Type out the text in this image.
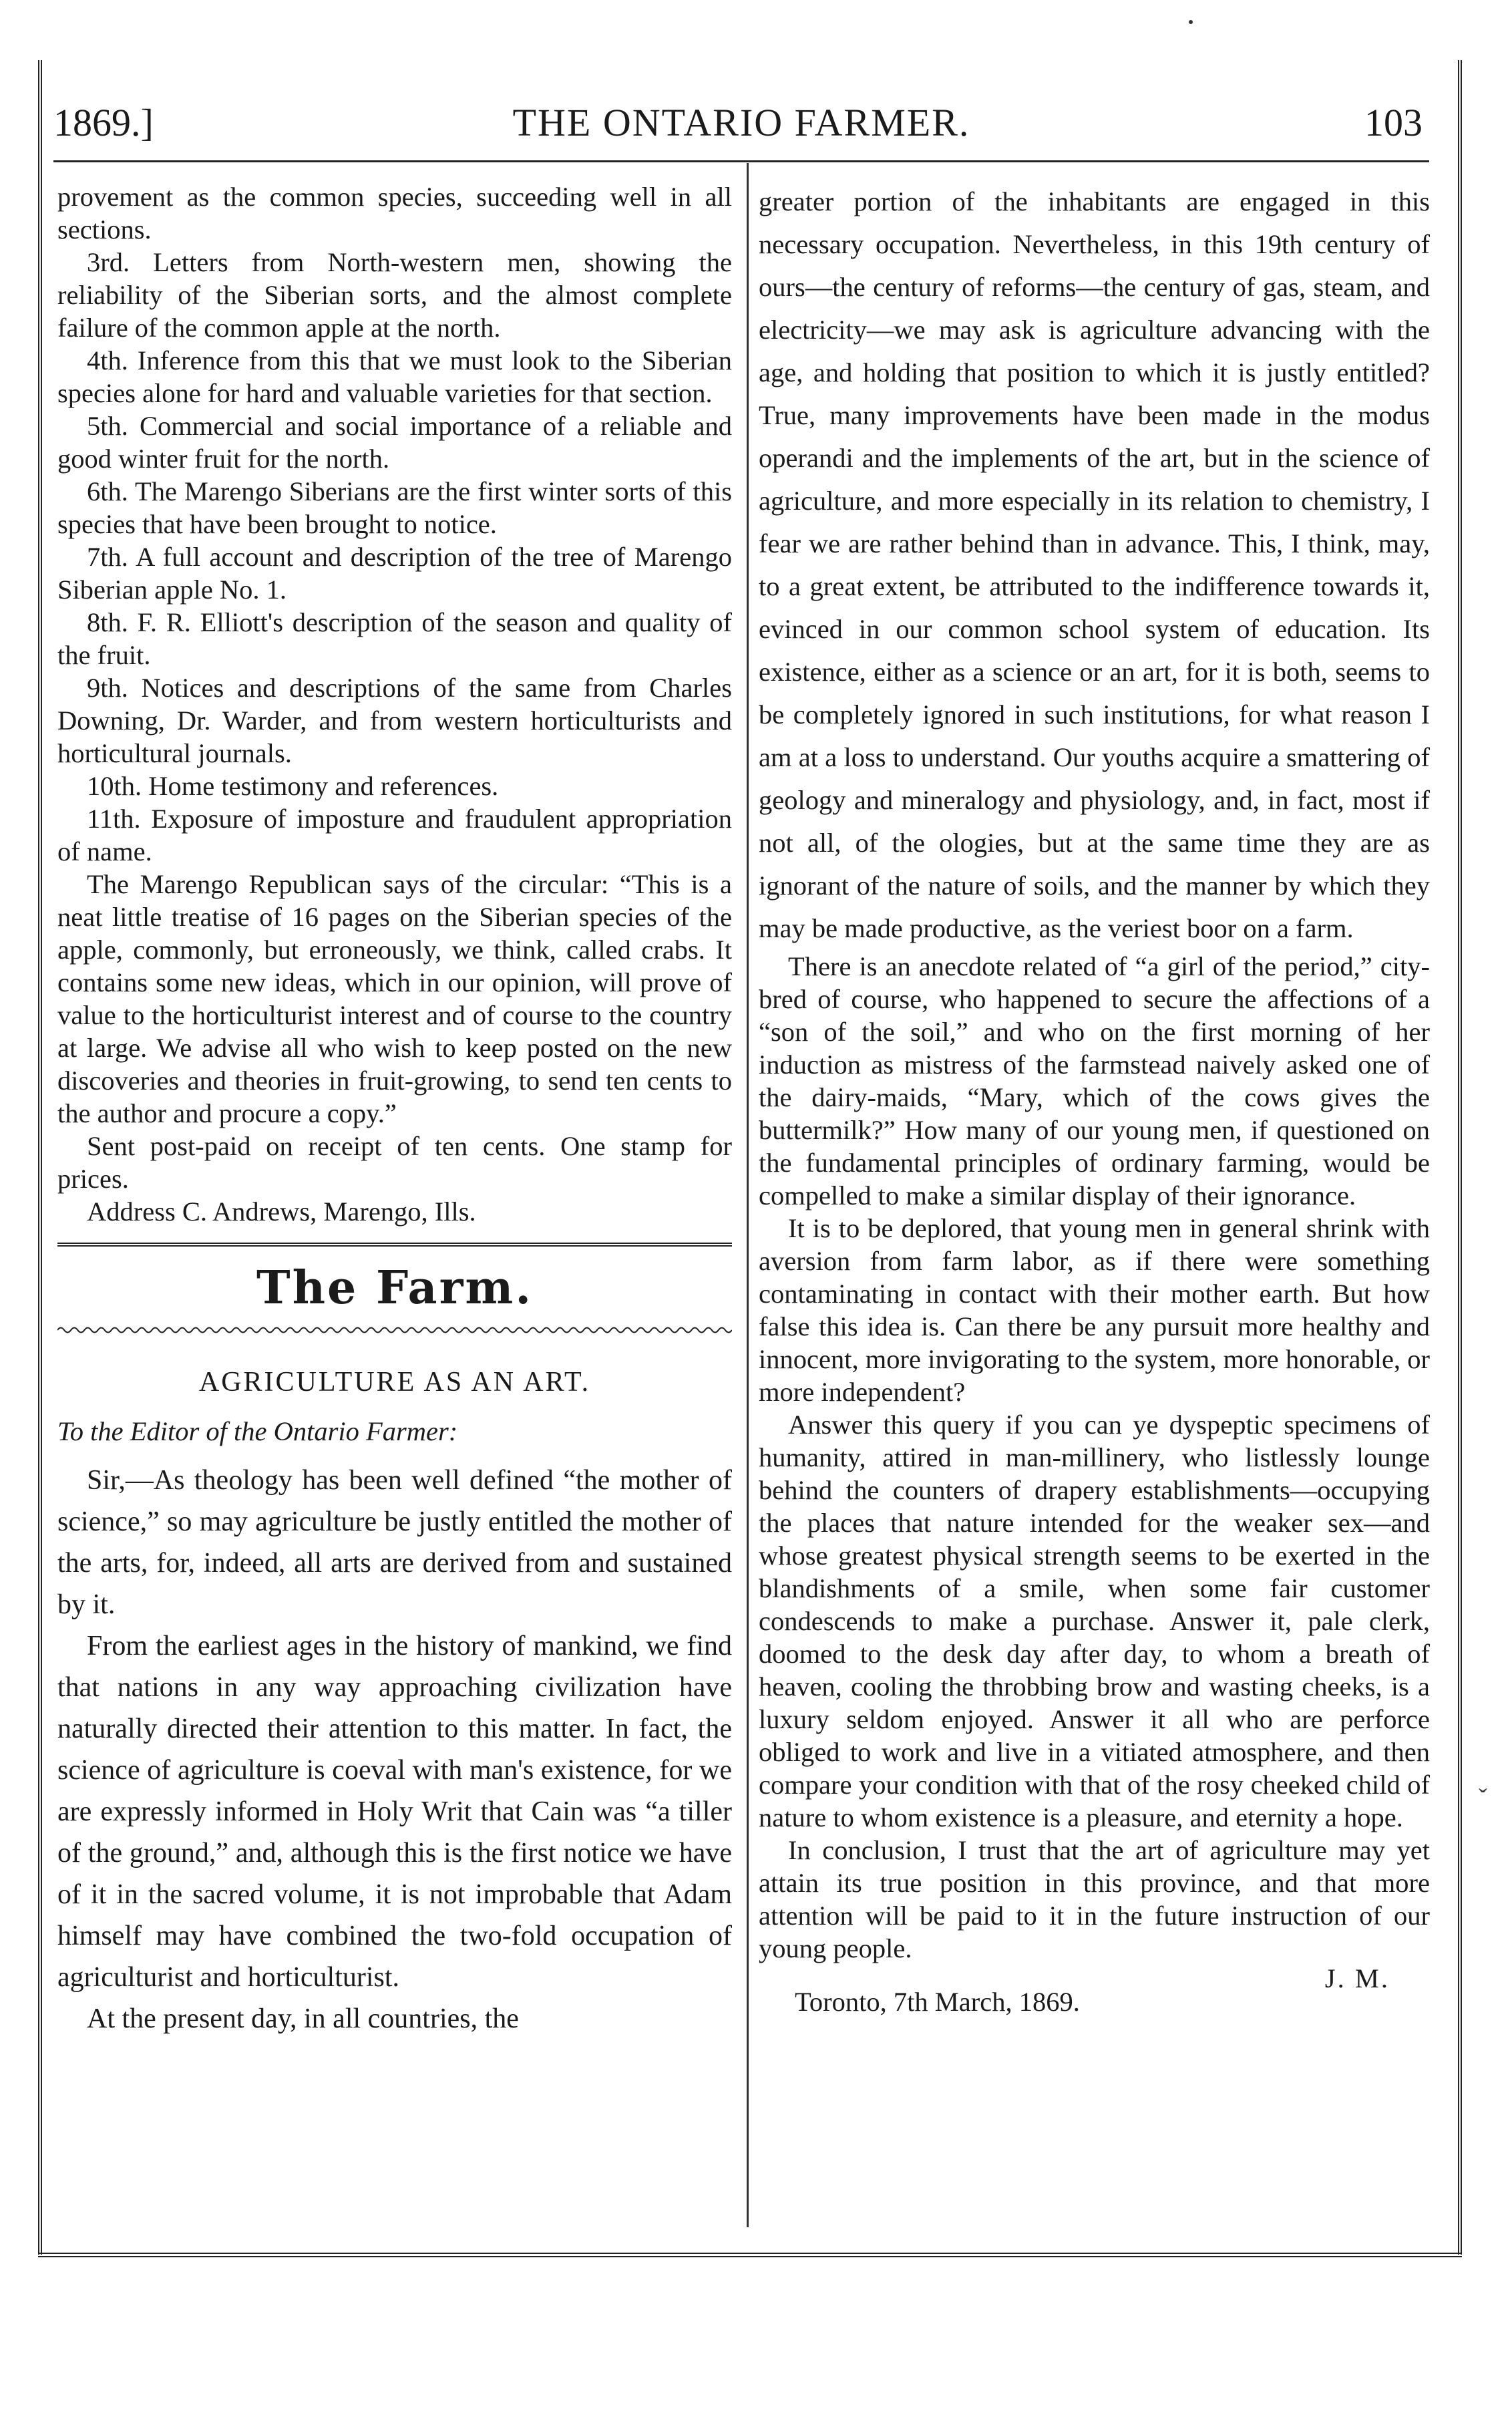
1869.]	THE ONTARIO FARMER.	103

provement as the common species, succeeding well in all sections.

3rd. Letters from North-western men, showing the reliability of the Siberian sorts, and the almost complete failure of the common apple at the north.

4th. Inference from this that we must look to the Siberian species alone for hard and valuable varieties for that section.

5th. Commercial and social importance of a reliable and good winter fruit for the north.

6th. The Marengo Siberians are the first winter sorts of this species that have been brought to notice.

7th. A full account and description of the tree of Marengo Siberian apple No. 1.

8th. F. R. Elliott's description of the season and quality of the fruit.

9th. Notices and descriptions of the same from Charles Downing, Dr. Warder, and from western horticulturists and horticultural journals.

10th. Home testimony and references.

11th. Exposure of imposture and fraudulent appropriation of name.

The Marengo Republican says of the circular: “This is a neat little treatise of 16 pages on the Siberian species of the apple, commonly, but erroneously, we think, called crabs. It contains some new ideas, which in our opinion, will prove of value to the horticulturist interest and of course to the country at large. We advise all who wish to keep posted on the new discoveries and theories in fruit-growing, to send ten cents to the author and procure a copy.”

Sent post-paid on receipt of ten cents. One stamp for prices.

Address C. Andrews, Marengo, Ills.

The Farm.
AGRICULTURE AS AN ART.

To the Editor of the Ontario Farmer:

Sir,—As theology has been well defined “the mother of science,” so may agriculture be justly entitled the mother of the arts, for, indeed, all arts are derived from and sustained by it.

From the earliest ages in the history of mankind, we find that nations in any way approaching civilization have naturally directed their attention to this matter. In fact, the science of agriculture is coeval with man's existence, for we are expressly informed in Holy Writ that Cain was “a tiller of the ground,” and, although this is the first notice we have of it in the sacred volume, it is not improbable that Adam himself may have combined the two-fold occupation of agriculturist and horticulturist.

At the present day, in all countries, the

greater portion of the inhabitants are engaged in this necessary occupation. Nevertheless, in this 19th century of ours—the century of reforms—the century of gas, steam, and electricity—we may ask is agriculture advancing with the age, and holding that position to which it is justly entitled? True, many improvements have been made in the modus operandi and the implements of the art, but in the science of agriculture, and more especially in its relation to chemistry, I fear we are rather behind than in advance. This, I think, may, to a great extent, be attributed to the indifference towards it, evinced in our common school system of education. Its existence, either as a science or an art, for it is both, seems to be completely ignored in such institutions, for what reason I am at a loss to understand. Our youths acquire a smattering of geology and mineralogy and physiology, and, in fact, most if not all, of the ologies, but at the same time they are as ignorant of the nature of soils, and the manner by which they may be made productive, as the veriest boor on a farm.

There is an anecdote related of “a girl of the period,” city-bred of course, who happened to secure the affections of a “son of the soil,” and who on the first morning of her induction as mistress of the farmstead naively asked one of the dairy-maids, “Mary, which of the cows gives the buttermilk?” How many of our young men, if questioned on the fundamental principles of ordinary farming, would be compelled to make a similar display of their ignorance.

It is to be deplored, that young men in general shrink with aversion from farm labor, as if there were something contaminating in contact with their mother earth. But how false this idea is. Can there be any pursuit more healthy and innocent, more invigorating to the system, more honorable, or more independent?

Answer this query if you can ye dyspeptic specimens of humanity, attired in man-millinery, who listlessly lounge behind the counters of drapery establishments—occupying the places that nature intended for the weaker sex—and whose greatest physical strength seems to be exerted in the blandishments of a smile, when some fair customer condescends to make a purchase. Answer it, pale clerk, doomed to the desk day after day, to whom a breath of heaven, cooling the throbbing brow and wasting cheeks, is a luxury seldom enjoyed. Answer it all who are perforce obliged to work and live in a vitiated atmosphere, and then compare your condition with that of the rosy cheeked child of nature to whom existence is a pleasure, and eternity a hope.

In conclusion, I trust that the art of agriculture may yet attain its true position in this province, and that more attention will be paid to it in the future instruction of our young people.

J. M.

Toronto, 7th March, 1869.

ˇ
